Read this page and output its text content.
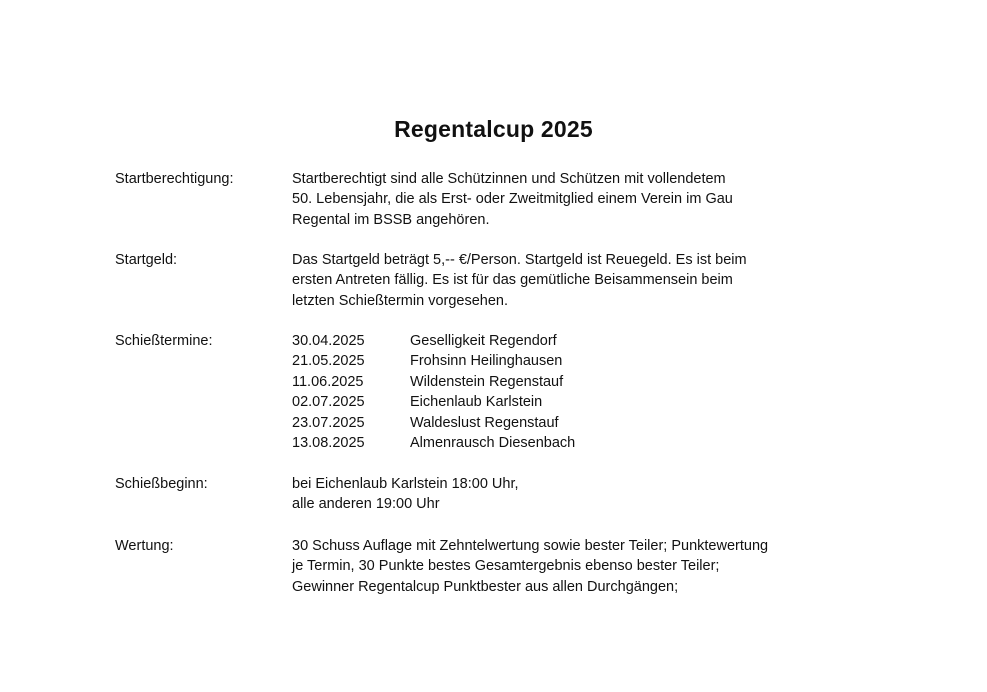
Regentalcup 2025
Startberechtigung:	Startberechtigt sind alle Schützinnen und Schützen mit vollendetem
50. Lebensjahr, die als Erst- oder Zweitmitglied einem Verein im Gau
Regental im BSSB angehören.
Startgeld:	Das Startgeld beträgt 5,-- €/Person. Startgeld ist Reuegeld. Es ist beim
ersten Antreten fällig. Es ist für das gemütliche Beisammensein beim
letzten Schießtermin vorgesehen.
Schießtermine:	30.04.2025	Geselligkeit Regendorf
21.05.2025	Frohsinn Heilinghausen
11.06.2025	Wildenstein Regenstauf
02.07.2025	Eichenlaub Karlstein
23.07.2025	Waldeslust Regenstauf
13.08.2025	Almenrausch Diesenbach
Schießbeginn:	bei Eichenlaub Karlstein 18:00 Uhr,
alle anderen 19:00 Uhr
Wertung:	30 Schuss Auflage mit Zehntelwertung sowie bester Teiler; Punktewertung
je Termin, 30 Punkte bestes Gesamtergebnis ebenso bester Teiler;
Gewinner Regentalcup Punktbester aus allen Durchgängen;
